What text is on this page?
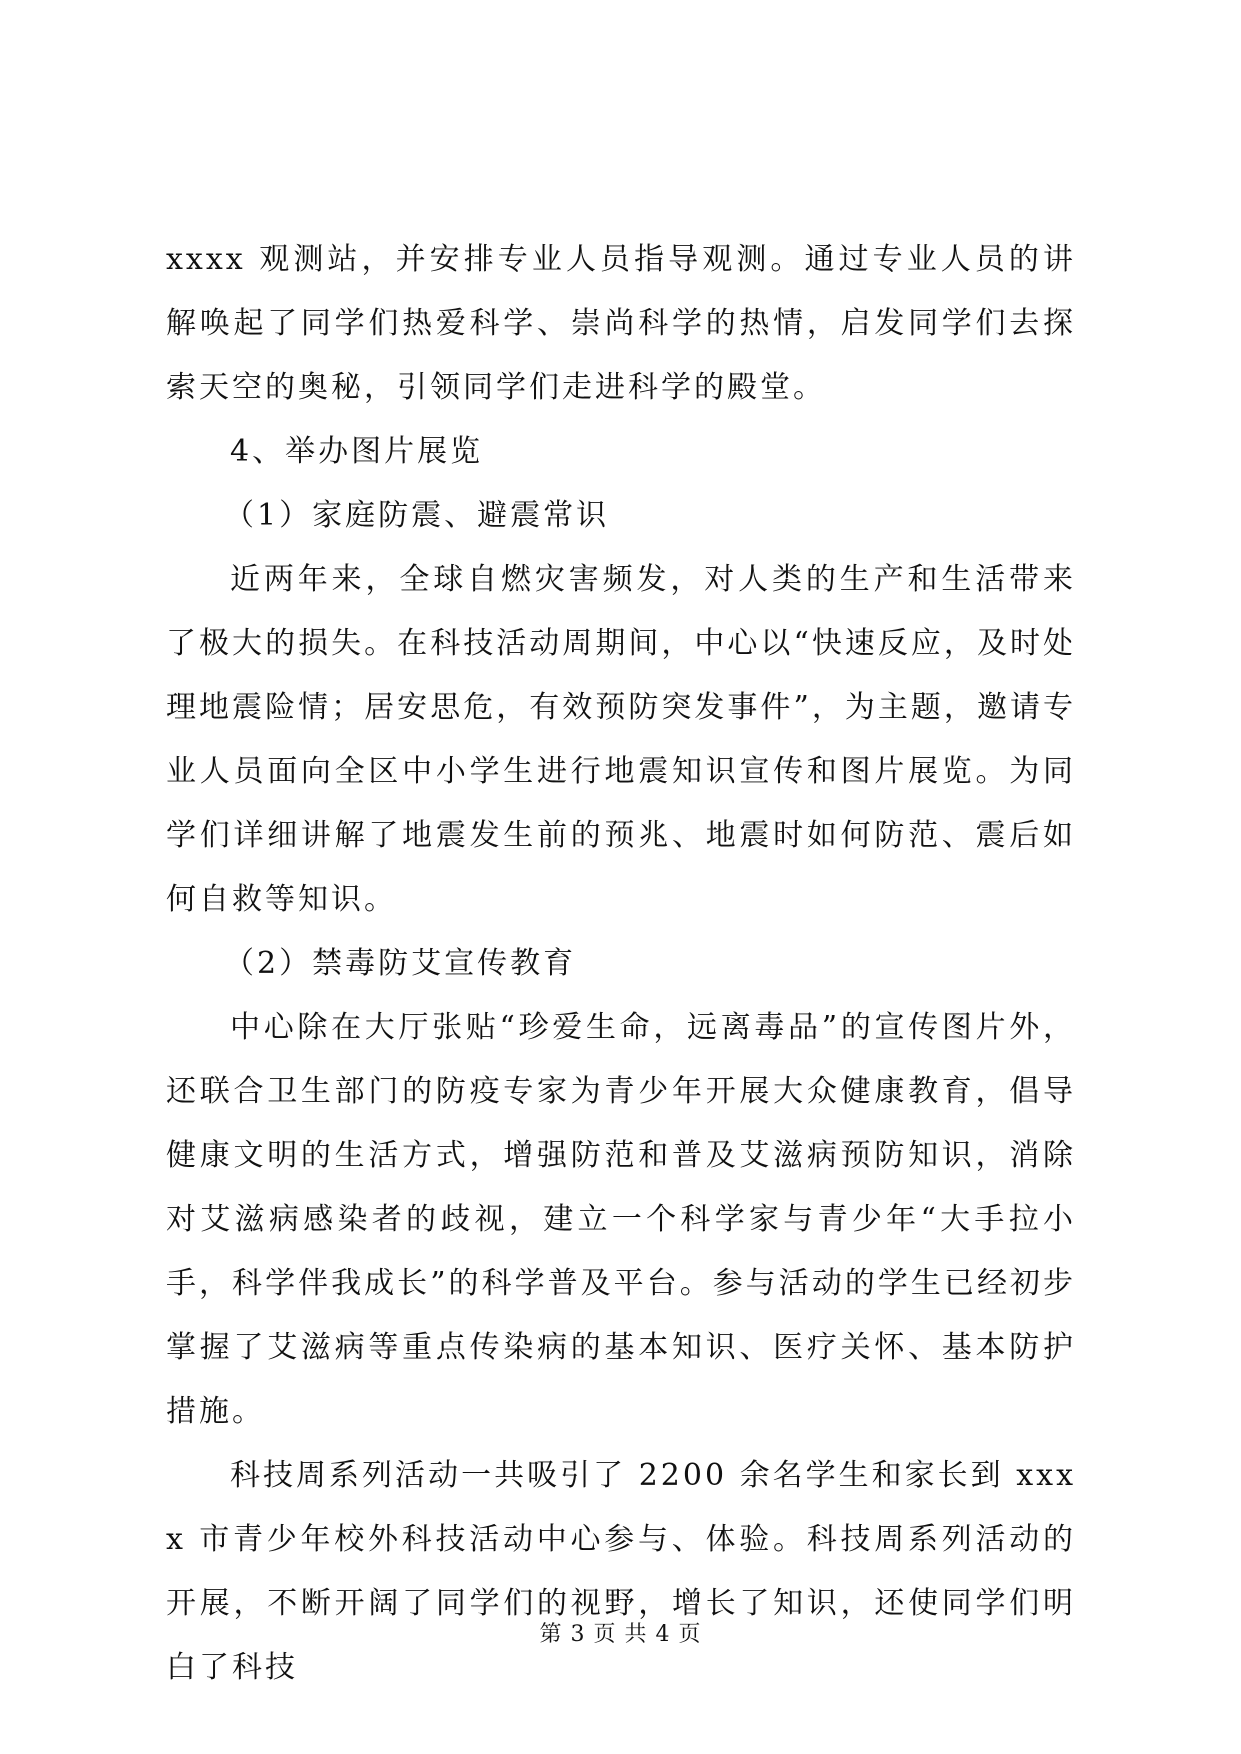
xxxx 观测站，并安排专业人员指导观测。通过专业人员的讲解唤起了同学们热爱科学、崇尚科学的热情，启发同学们去探索天空的奥秘，引领同学们走进科学的殿堂。

4、举办图片展览

（1）家庭防震、避震常识

近两年来，全球自燃灾害频发，对人类的生产和生活带来了极大的损失。在科技活动周期间，中心以“快速反应，及时处理地震险情；居安思危，有效预防突发事件”，为主题，邀请专业人员面向全区中小学生进行地震知识宣传和图片展览。为同学们详细讲解了地震发生前的预兆、地震时如何防范、震后如何自救等知识。

（2）禁毒防艾宣传教育

中心除在大厅张贴“珍爱生命，远离毒品”的宣传图片外，还联合卫生部门的防疫专家为青少年开展大众健康教育，倡导健康文明的生活方式，增强防范和普及艾滋病预防知识，消除对艾滋病感染者的歧视，建立一个科学家与青少年“大手拉小手，科学伴我成长”的科学普及平台。参与活动的学生已经初步掌握了艾滋病等重点传染病的基本知识、医疗关怀、基本防护措施。

科技周系列活动一共吸引了 2200 余名学生和家长到 xxxx 市青少年校外科技活动中心参与、体验。科技周系列活动的开展，不断开阔了同学们的视野，增长了知识，还使同学们明白了科技

第 3 页 共 4 页
